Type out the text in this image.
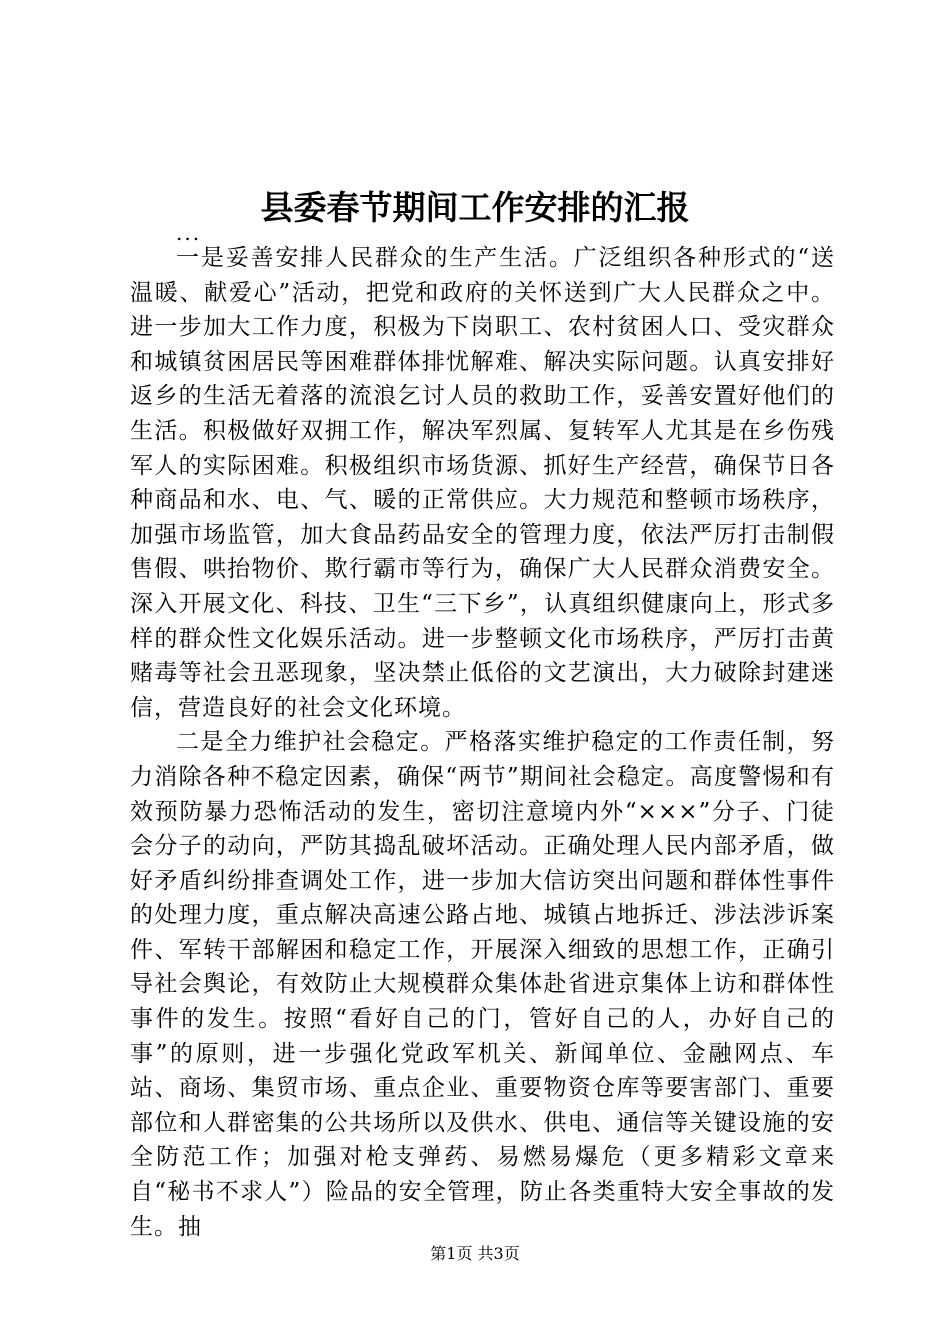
县委春节期间工作安排的汇报
...

一是妥善安排人民群众的生产生活。广泛组织各种形式的“送温暖、献爱心”活动，把党和政府的关怀送到广大人民群众之中。进一步加大工作力度，积极为下岗职工、农村贫困人口、受灾群众和城镇贫困居民等困难群体排忧解难、解决实际问题。认真安排好返乡的生活无着落的流浪乞讨人员的救助工作，妥善安置好他们的生活。积极做好双拥工作，解决军烈属、复转军人尤其是在乡伤残军人的实际困难。积极组织市场货源、抓好生产经营，确保节日各种商品和水、电、气、暖的正常供应。大力规范和整顿市场秩序，加强市场监管，加大食品药品安全的管理力度，依法严厉打击制假售假、哄抬物价、欺行霸市等行为，确保广大人民群众消费安全。深入开展文化、科技、卫生“三下乡”，认真组织健康向上，形式多样的群众性文化娱乐活动。进一步整顿文化市场秩序，严厉打击黄赌毒等社会丑恶现象，坚决禁止低俗的文艺演出，大力破除封建迷信，营造良好的社会文化环境。

二是全力维护社会稳定。严格落实维护稳定的工作责任制，努力消除各种不稳定因素，确保“两节”期间社会稳定。高度警惕和有效预防暴力恐怖活动的发生，密切注意境内外“×××”分子、门徒会分子的动向，严防其捣乱破坏活动。正确处理人民内部矛盾，做好矛盾纠纷排查调处工作，进一步加大信访突出问题和群体性事件的处理力度，重点解决高速公路占地、城镇占地拆迁、涉法涉诉案件、军转干部解困和稳定工作，开展深入细致的思想工作，正确引导社会舆论，有效防止大规模群众集体赴省进京集体上访和群体性事件的发生。按照“看好自己的门，管好自己的人，办好自己的事”的原则，进一步强化党政军机关、新闻单位、金融网点、车站、商场、集贸市场、重点企业、重要物资仓库等要害部门、重要部位和人群密集的公共场所以及供水、供电、通信等关键设施的安全防范工作；加强对枪支弹药、易燃易爆危（更多精彩文章来自“秘书不求人”）险品的安全管理，防止各类重特大安全事故的发生。抽

第1页 共3页
